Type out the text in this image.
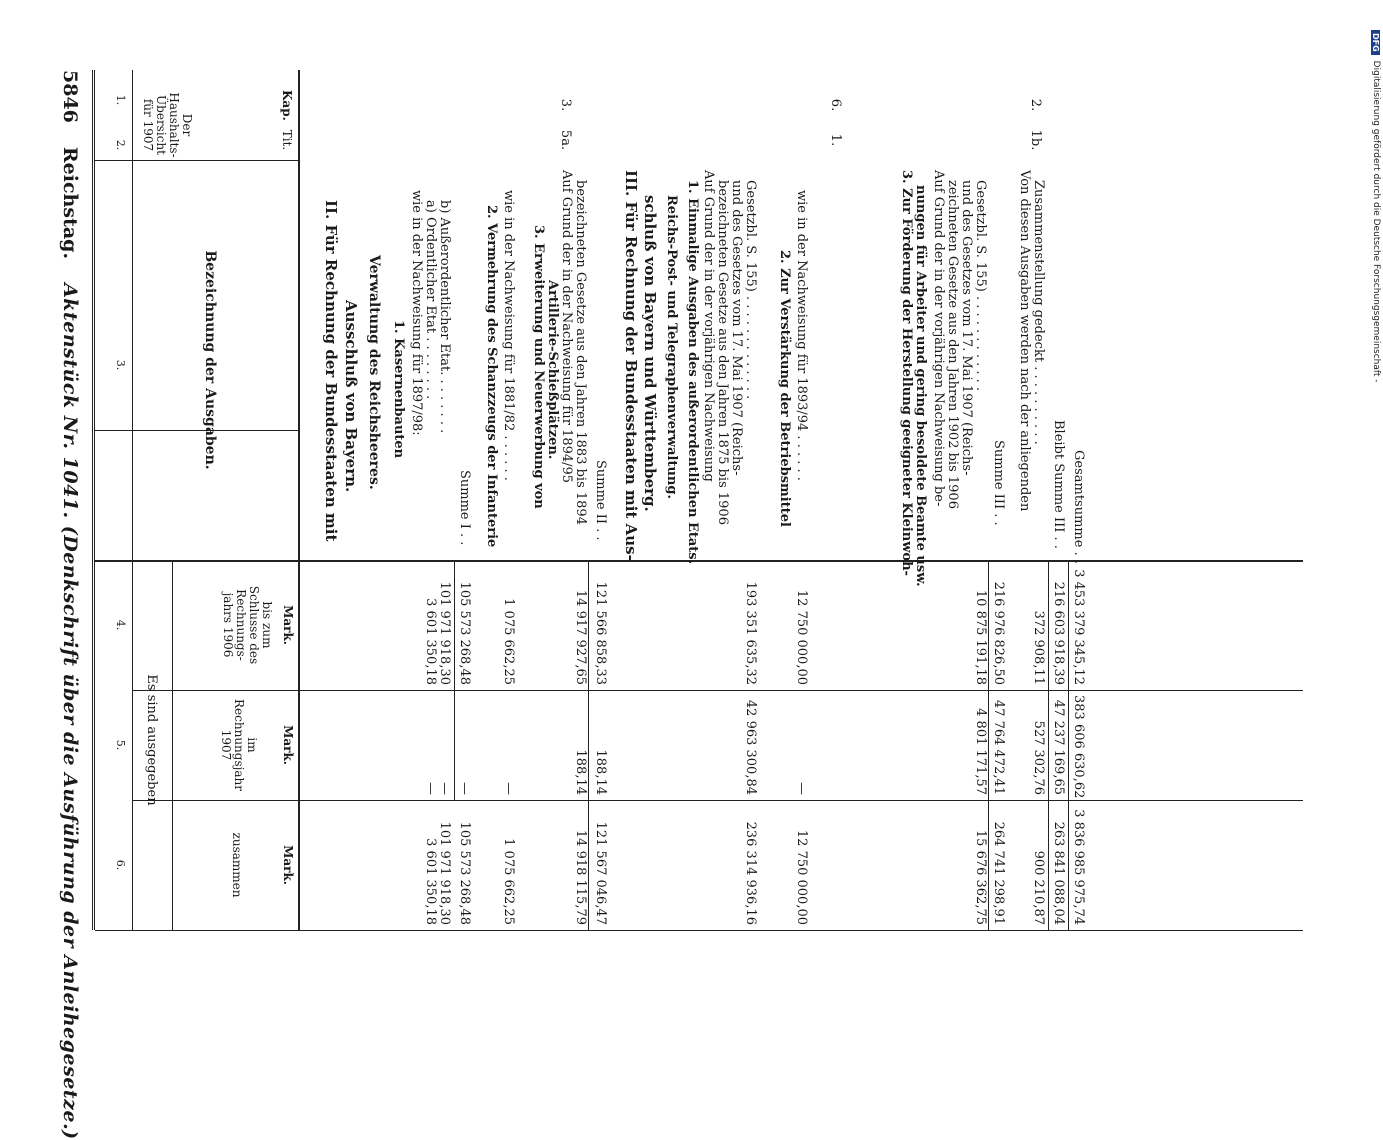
5846
Reichstag.
Aktenstück Nr. 1041. (Denkschrift über die Ausführung der Anleihegesetze.)
1.
2.
3.
4.
5.
6.
Der
Haushalts-
Übersicht
für 1907	Kap.
Tit.
Bezeichnung der Ausgaben.
Es sind ausgegeben
bis zum
Schlusse des
Rechnungs-
jahrs 1906
im
Rechnungsjahr
1907
zusammen
Mark.
Mark.
Mark.
II. Für Rechnung der Bundesstaaten mit Ausschluß von Bayern. Verwaltung des Reichsheeres. 1. Kasernenbauten wie in der Nachweisung für 1897/98: a) Ordentlicher Etat . . . . . . . . b) Außerordentlicher Etat. . . . . . . .
Summe I . . 2. Vermehrung des Schanzzeugs der Infanterie wie in der Nachweisung für 1881/82 . . . . . . 3. Erweiterung und Neuerwerbung von Artillerie-Schießplätzen.
3.
5a.
Auf Grund der in der Nachweisung für 1894/95 bezeichneten Gesetze aus den Jahren 1883 bis 1894 Summe II . . III. Für Rechnung der Bundesstaaten mit Aus- schluß von Bayern und Württemberg. Reichs-Post- und Telegraphenverwaltung. 1. Einmalige Ausgaben des außerordentlichen Etats.
6.
1.
Auf Grund der in der vorjährigen Nachweisung bezeichneten Gesetze aus den Jahren 1875 bis 1906 und des Gesetzes vom 17. Mai 1907 (Reichs- Gesetzbl. S. 155) . . . . . . . . . . . . . 2. Zur Verstärkung der Betriebsmittel wie in der Nachweisung für 1893/94 . . . . . .	3. Zur Förderung der Herstellung geeigneter Kleinwoh- nungen für Arbeiter und gering besoldete Beamte usw.
2.
1b.
Auf Grund der in der vorjährigen Nachweisung be- zeichneten Gesetze aus den Jahren 1902 bis 1906 und des Gesetzes vom 17. Mai 1907 (Reichs- Gesetzbl. S. 155) . . . . . . . . . . . .
Summe III . . Von diesen Ausgaben werden nach der anliegenden Zusammenstellung gedeckt . . . . . . . . . .
Bleibt Summe III . . Gesamtsumme . .
3 601 350,18
—
3 601 350,18
101 971 918,30
—
101 971 918,30
105 573 268,48
—
105 573 268,48
1 075 662,25
—
1 075 662,25
14 917 927,65
188,14
14 918 115,79
121 566 858,33
188,14
121 567 046,47
193 351 635,32
42 963 300,84
236 314 936,16
12 750 000,00
—
12 750 000,00
10 875 191,18
4 801 171,57
15 676 362,75
216 976 826,50
47 764 472,41
264 741 298,91
372 908,11
527 302,76
900 210,87
216 603 918,39
47 237 169,65
263 841 088,04
3 453 379 345,12
383 606 630,62
3 836 985 975,74
DFG
Digitalisierung gefördert durch die Deutsche Forschungsgemeinschaft -
